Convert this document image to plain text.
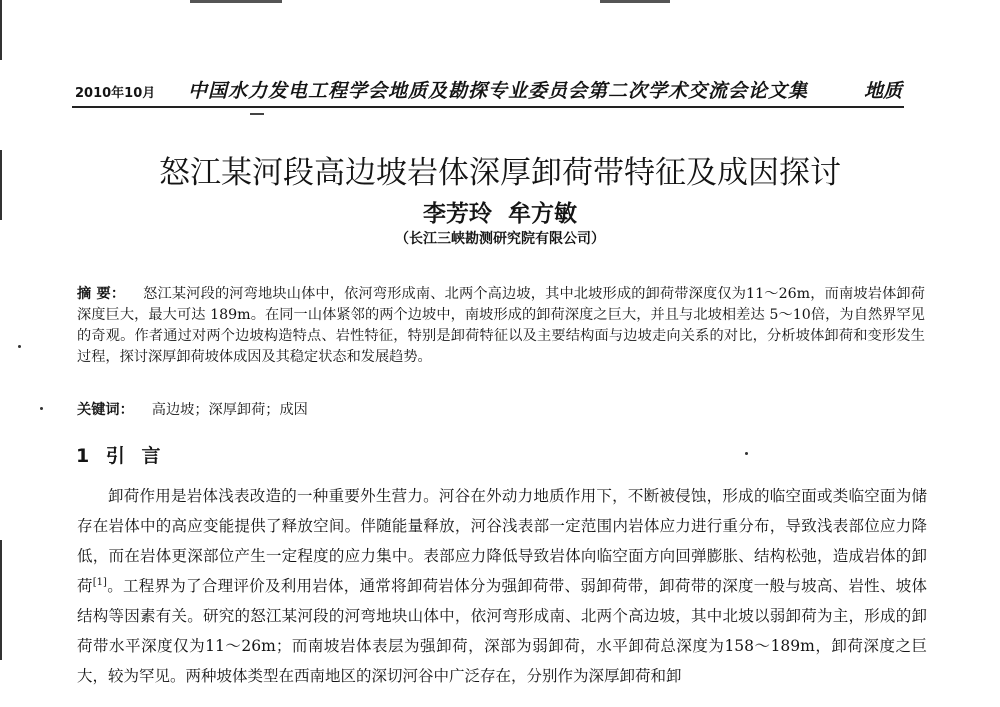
2010年10月 中国水力发电工程学会地质及勘探专业委员会第二次学术交流会论文集	地质
怒江某河段高边坡岩体深厚卸荷带特征及成因探讨
李芳玲 牟方敏
（长江三峡勘测研究院有限公司）
摘 要： 怒江某河段的河弯地块山体中，依河弯形成南、北两个高边坡，其中北坡形成的卸荷带深度仅为11～26m，而南坡岩体卸荷深度巨大，最大可达 189m。在同一山体紧邻的两个边坡中，南坡形成的卸荷深度之巨大，并且与北坡相差达 5～10倍，为自然界罕见的奇观。作者通过对两个边坡构造特点、岩性特征，特别是卸荷特征以及主要结构面与边坡走向关系的对比，分析坡体卸荷和变形发生过程，探讨深厚卸荷坡体成因及其稳定状态和发展趋势。
关键词： 高边坡；深厚卸荷；成因
1 引 言
卸荷作用是岩体浅表改造的一种重要外生营力。河谷在外动力地质作用下，不断被侵蚀，形成的临空面或类临空面为储存在岩体中的高应变能提供了释放空间。伴随能量释放，河谷浅表部一定范围内岩体应力进行重分布，导致浅表部位应力降低，而在岩体更深部位产生一定程度的应力集中。表部应力降低导致岩体向临空面方向回弹膨胀、结构松弛，造成岩体的卸荷[1]。工程界为了合理评价及利用岩体，通常将卸荷岩体分为强卸荷带、弱卸荷带，卸荷带的深度一般与坡高、岩性、坡体结构等因素有关。研究的怒江某河段的河弯地块山体中，依河弯形成南、北两个高边坡，其中北坡以弱卸荷为主，形成的卸荷带水平深度仅为11～26m；而南坡岩体表层为强卸荷，深部为弱卸荷，水平卸荷总深度为158～189m，卸荷深度之巨大，较为罕见。两种坡体类型在西南地区的深切河谷中广泛存在，分别作为深厚卸荷和卸
